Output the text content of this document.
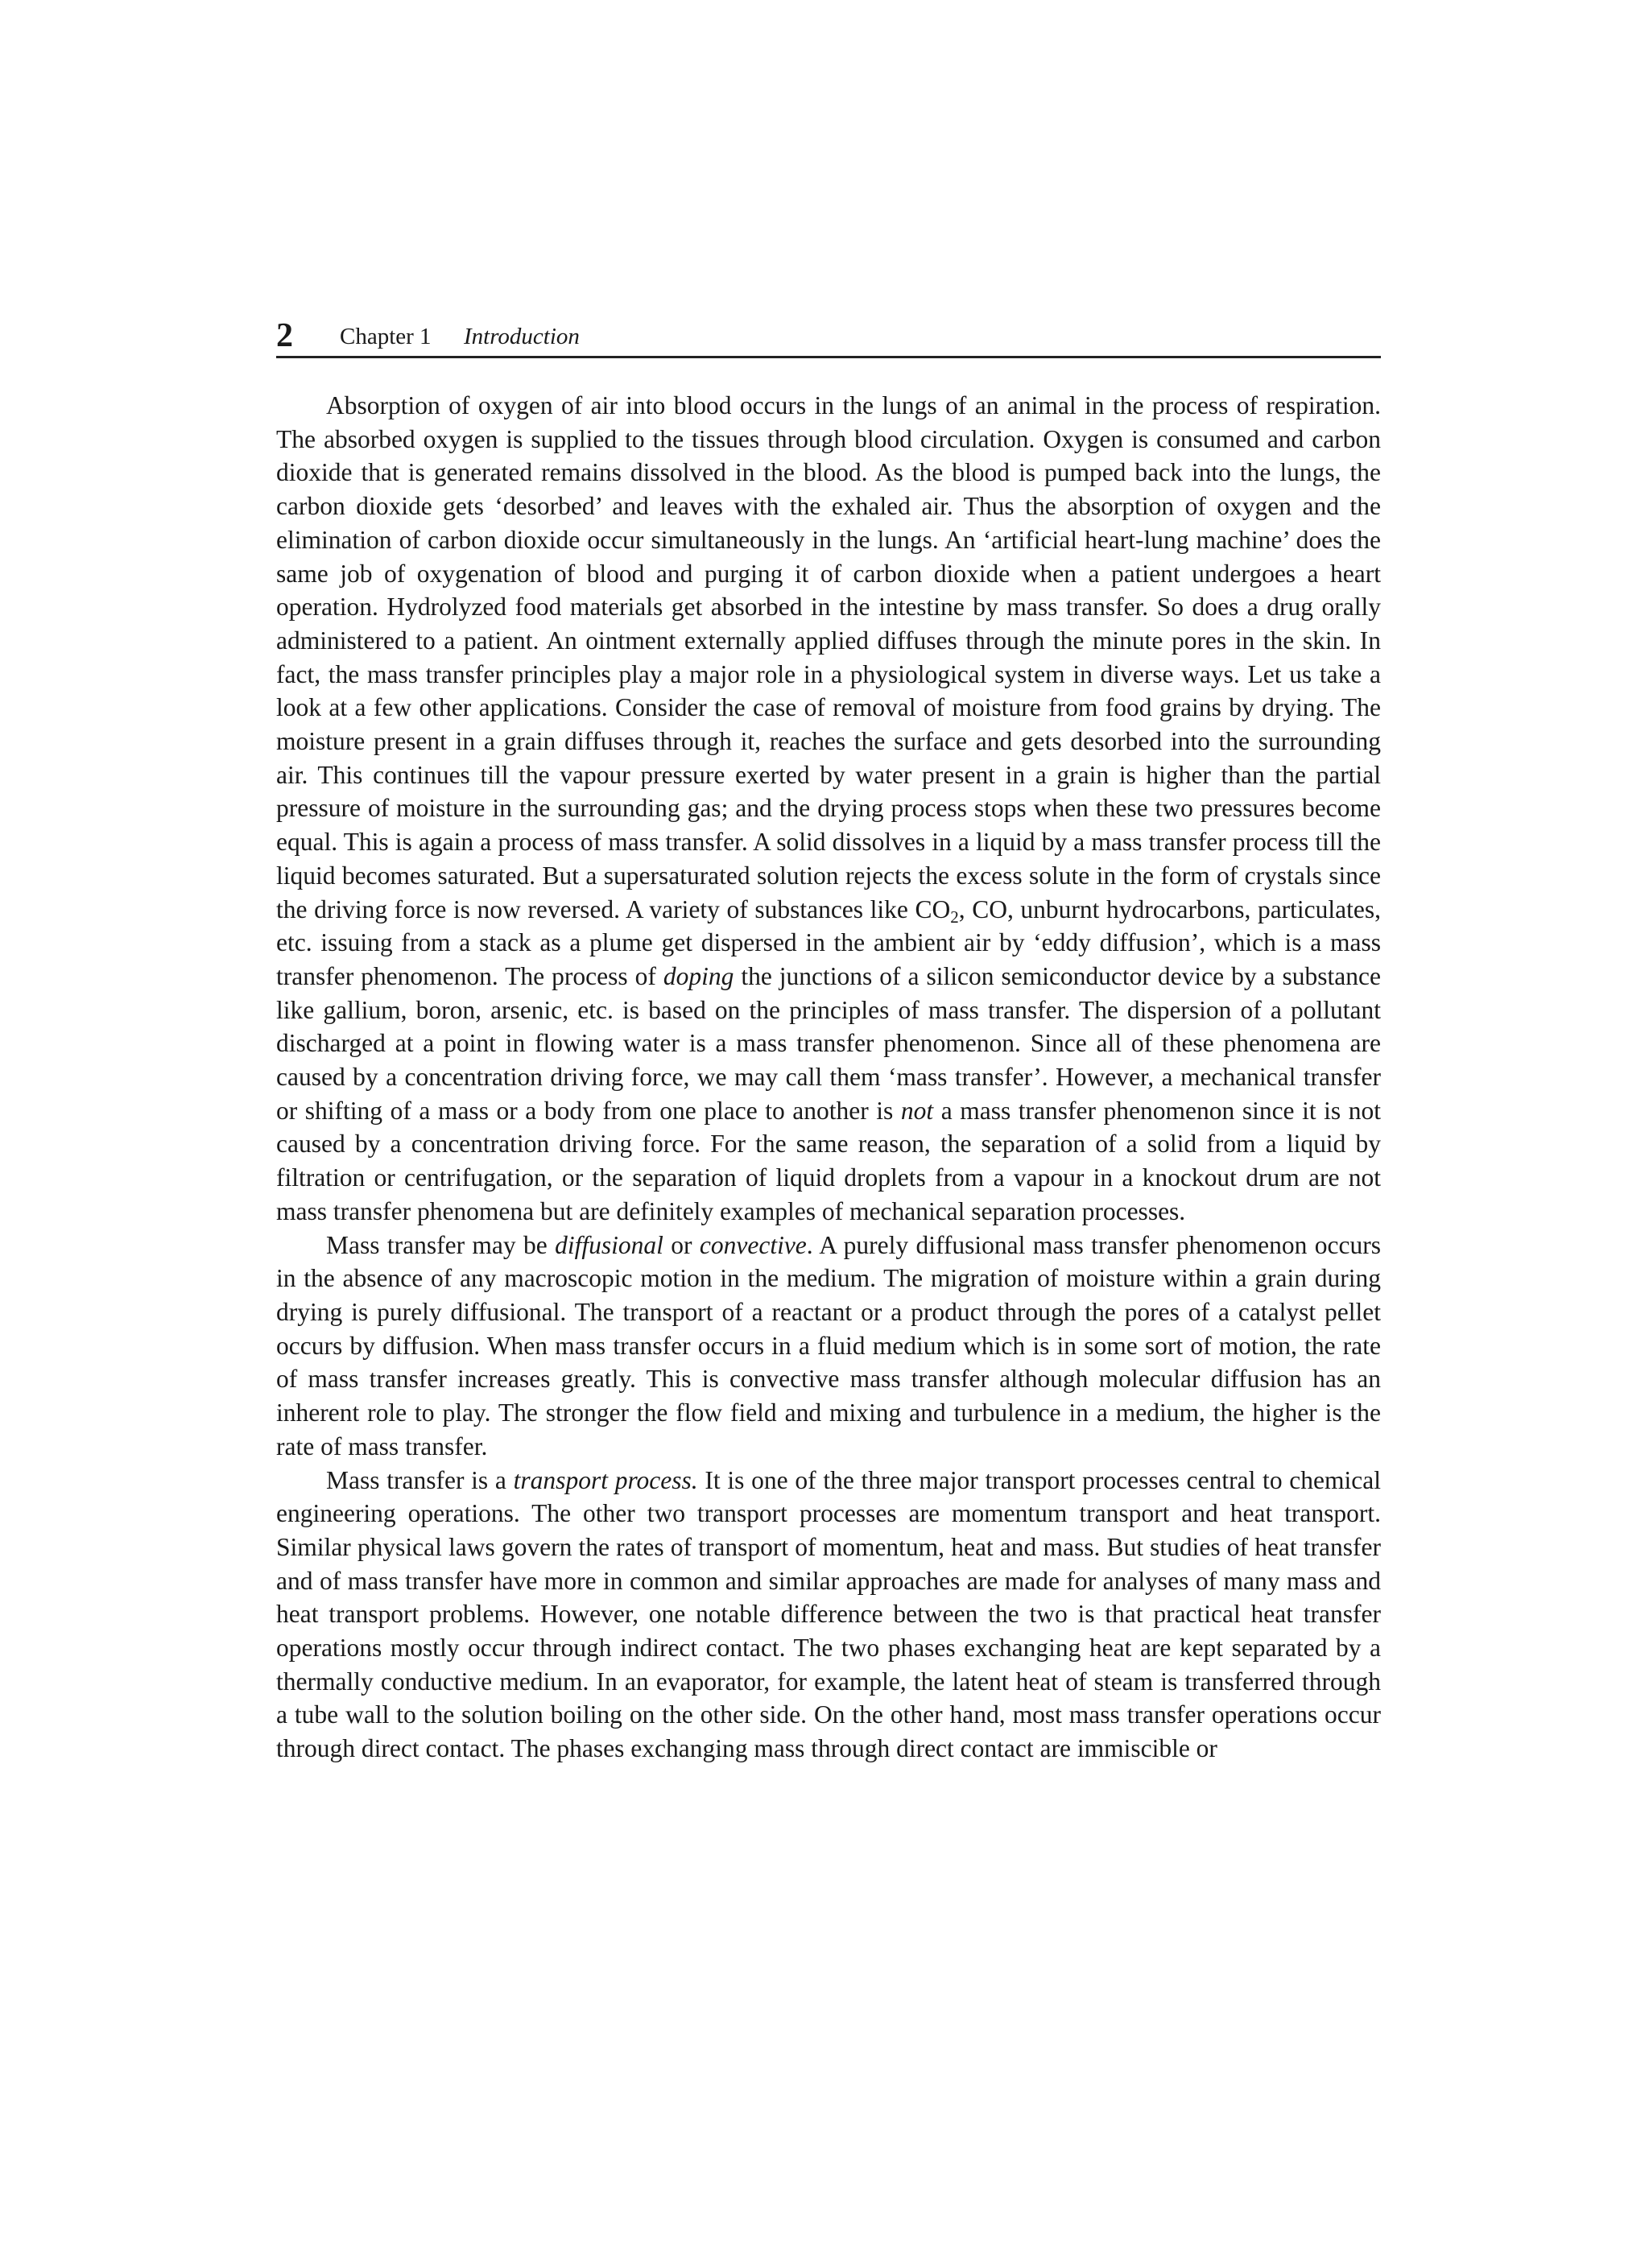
2 Chapter 1 Introduction

Absorption of oxygen of air into blood occurs in the lungs of an animal in the process of respiration. The absorbed oxygen is supplied to the tissues through blood circulation. Oxygen is consumed and carbon dioxide that is generated remains dissolved in the blood. As the blood is pumped back into the lungs, the carbon dioxide gets ‘desorbed’ and leaves with the exhaled air. Thus the absorption of oxygen and the elimination of carbon dioxide occur simultaneously in the lungs. An ‘artificial heart-lung machine’ does the same job of oxygenation of blood and purging it of carbon dioxide when a patient undergoes a heart operation. Hydrolyzed food materials get absorbed in the intestine by mass transfer. So does a drug orally administered to a patient. An ointment externally applied diffuses through the minute pores in the skin. In fact, the mass transfer principles play a major role in a physiological system in diverse ways. Let us take a look at a few other applications. Consider the case of removal of moisture from food grains by drying. The moisture present in a grain diffuses through it, reaches the surface and gets desorbed into the surrounding air. This continues till the vapour pressure exerted by water present in a grain is higher than the partial pressure of moisture in the surrounding gas; and the drying process stops when these two pressures become equal. This is again a process of mass transfer. A solid dissolves in a liquid by a mass transfer process till the liquid becomes saturated. But a supersaturated solution rejects the excess solute in the form of crystals since the driving force is now reversed. A variety of substances like $CO_2$, CO, unburnt hydrocarbons, particulates, etc. issuing from a stack as a plume get dispersed in the ambient air by ‘eddy diffusion’, which is a mass transfer phenomenon. The process of doping the junctions of a silicon semiconductor device by a substance like gallium, boron, arsenic, etc. is based on the principles of mass transfer. The dispersion of a pollutant discharged at a point in flowing water is a mass transfer phenomenon. Since all of these phenomena are caused by a concentration driving force, we may call them ‘mass transfer’. However, a mechanical transfer or shifting of a mass or a body from one place to another is not a mass transfer phenomenon since it is not caused by a concentration driving force. For the same reason, the separation of a solid from a liquid by filtration or centrifugation, or the separation of liquid droplets from a vapour in a knockout drum are not mass transfer phenomena but are definitely examples of mechanical separation processes.

Mass transfer may be diffusional or convective. A purely diffusional mass transfer phenomenon occurs in the absence of any macroscopic motion in the medium. The migration of moisture within a grain during drying is purely diffusional. The transport of a reactant or a product through the pores of a catalyst pellet occurs by diffusion. When mass transfer occurs in a fluid medium which is in some sort of motion, the rate of mass transfer increases greatly. This is convective mass transfer although molecular diffusion has an inherent role to play. The stronger the flow field and mixing and turbulence in a medium, the higher is the rate of mass transfer.

Mass transfer is a transport process. It is one of the three major transport processes central to chemical engineering operations. The other two transport processes are momentum transport and heat transport. Similar physical laws govern the rates of transport of momentum, heat and mass. But studies of heat transfer and of mass transfer have more in common and similar approaches are made for analyses of many mass and heat transport problems. However, one notable difference between the two is that practical heat transfer operations mostly occur through indirect contact. The two phases exchanging heat are kept separated by a thermally conductive medium. In an evaporator, for example, the latent heat of steam is transferred through a tube wall to the solution boiling on the other side. On the other hand, most mass transfer operations occur through direct contact. The phases exchanging mass through direct contact are immiscible or
